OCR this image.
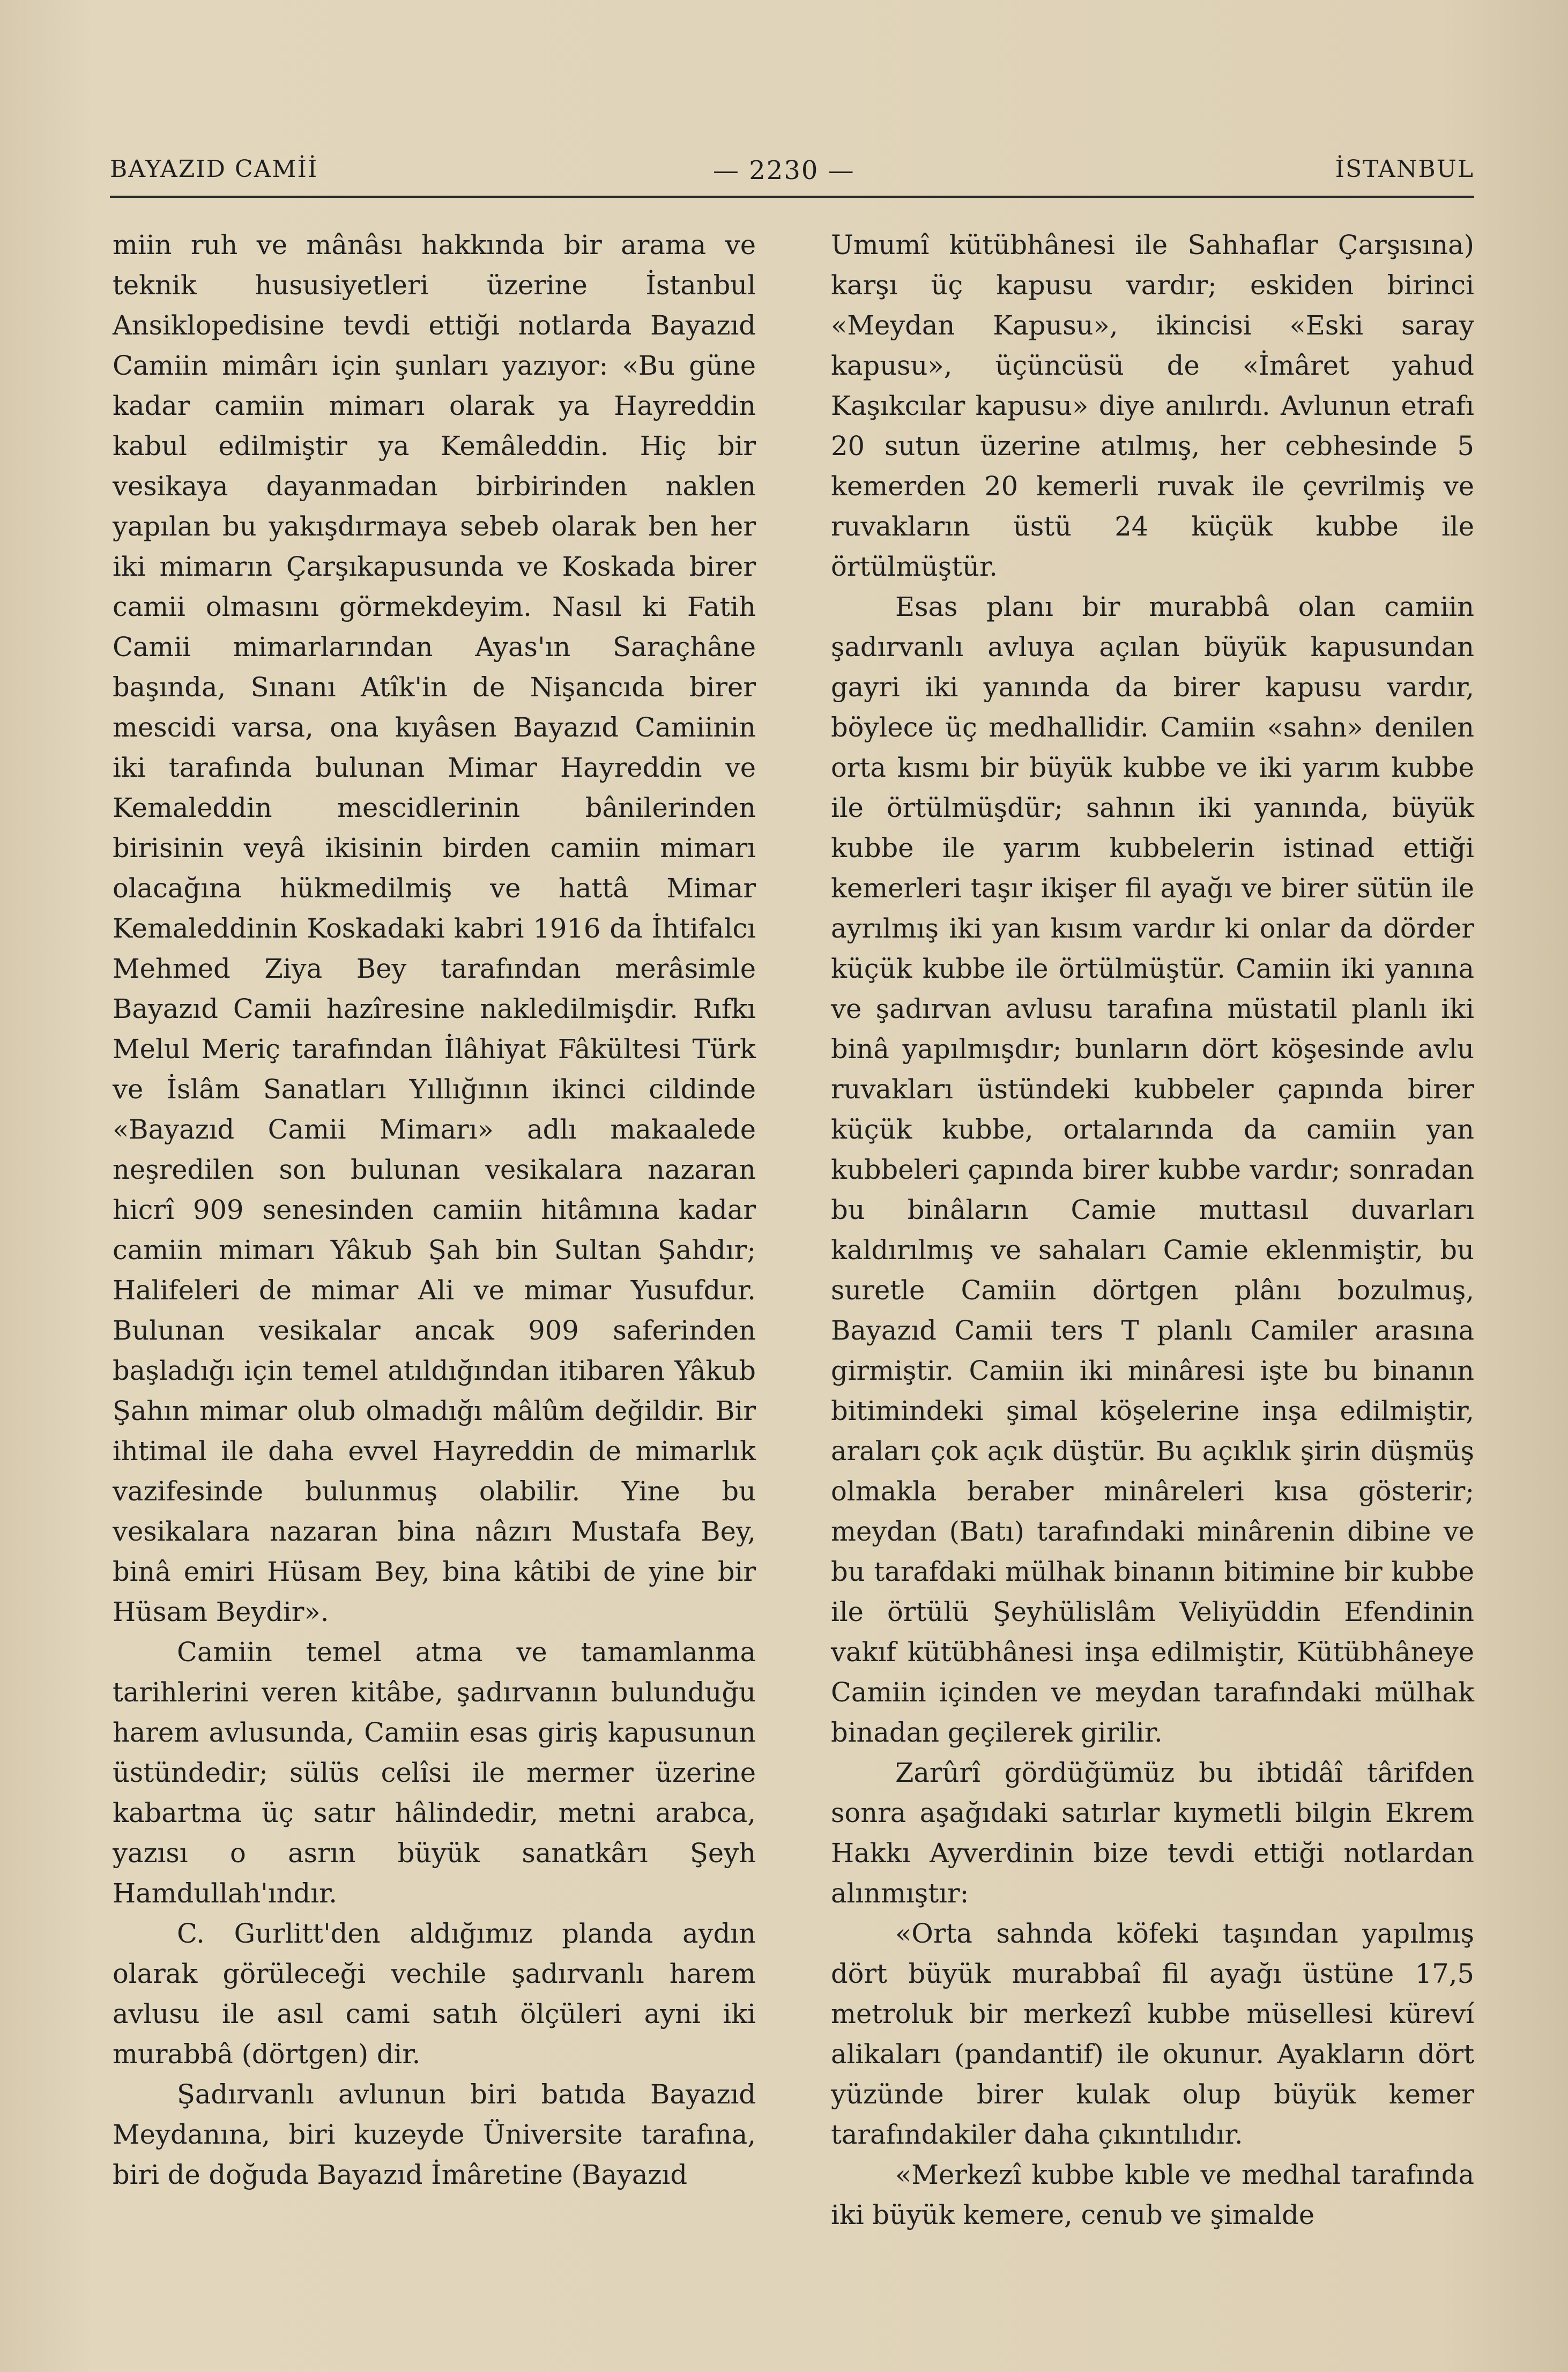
BAYAZID CAMİİ	— 2230 —	İSTANBUL

miin ruh ve mânâsı hakkında bir arama ve teknik hususiyetleri üzerine İstanbul Ansiklopedisine tevdi ettiği notlarda Bayazıd Camiin mimârı için şunları yazıyor: «Bu güne kadar camiin mimarı olarak ya Hayreddin kabul edilmiştir ya Kemâleddin. Hiç bir vesikaya dayanmadan birbirinden naklen yapılan bu yakışdırmaya sebeb olarak ben her iki mimarın Çarşıkapusunda ve Koskada birer camii olmasını görmekdeyim. Nasıl ki Fatih Camii mimarlarından Ayas'ın Saraçhâne başında, Sınanı Atîk'in de Nişancıda birer mescidi varsa, ona kıyâsen Bayazıd Camiinin iki tarafında bulunan Mimar Hayreddin ve Kemaleddin mescidlerinin bânilerinden birisinin veyâ ikisinin birden camiin mimarı olacağına hükmedilmiş ve hattâ Mimar Kemaleddinin Koskadaki kabri 1916 da İhtifalcı Mehmed Ziya Bey tarafından merâsimle Bayazıd Camii hazîresine nakledilmişdir. Rıfkı Melul Meriç tarafından İlâhiyat Fâkültesi Türk ve İslâm Sanatları Yıllığının ikinci cildinde «Bayazıd Camii Mimarı» adlı makaalede neşredilen son bulunan vesikalara nazaran hicrî 909 senesinden camiin hitâmına kadar camiin mimarı Yâkub Şah bin Sultan Şahdır; Halifeleri de mimar Ali ve mimar Yusufdur. Bulunan vesikalar ancak 909 saferinden başladığı için temel atıldığından itibaren Yâkub Şahın mimar olub olmadığı mâlûm değildir. Bir ihtimal ile daha evvel Hayreddin de mimarlık vazifesinde bulunmuş olabilir. Yine bu vesikalara nazaran bina nâzırı Mustafa Bey, binâ emiri Hüsam Bey, bina kâtibi de yine bir Hüsam Beydir».

Camiin temel atma ve tamamlanma tarihlerini veren kitâbe, şadırvanın bulunduğu harem avlusunda, Camiin esas giriş kapusunun üstündedir; sülüs celîsi ile mermer üzerine kabartma üç satır hâlindedir, metni arabca, yazısı o asrın büyük sanatkârı Şeyh Hamdullah'ındır.

C. Gurlitt'den aldığımız planda aydın olarak görüleceği vechile şadırvanlı harem avlusu ile asıl cami satıh ölçüleri ayni iki murabbâ (dörtgen) dir.

Şadırvanlı avlunun biri batıda Bayazıd Meydanına, biri kuzeyde Üniversite tarafına, biri de doğuda Bayazıd İmâretine (Bayazıd

Umumî kütübhânesi ile Sahhaflar Çarşısına) karşı üç kapusu vardır; eskiden birinci «Meydan Kapusu», ikincisi «Eski saray kapusu», üçüncüsü de «İmâret yahud Kaşıkcılar kapusu» diye anılırdı. Avlunun etrafı 20 sutun üzerine atılmış, her cebhesinde 5 kemerden 20 kemerli ruvak ile çevrilmiş ve ruvakların üstü 24 küçük kubbe ile örtülmüştür.

Esas planı bir murabbâ olan camiin şadırvanlı avluya açılan büyük kapusundan gayri iki yanında da birer kapusu vardır, böylece üç medhallidir. Camiin «sahn» denilen orta kısmı bir büyük kubbe ve iki yarım kubbe ile örtülmüşdür; sahnın iki yanında, büyük kubbe ile yarım kubbelerin istinad ettiği kemerleri taşır ikişer fil ayağı ve birer sütün ile ayrılmış iki yan kısım vardır ki onlar da dörder küçük kubbe ile örtülmüştür. Camiin iki yanına ve şadırvan avlusu tarafına müstatil planlı iki binâ yapılmışdır; bunların dört köşesinde avlu ruvakları üstündeki kubbeler çapında birer küçük kubbe, ortalarında da camiin yan kubbeleri çapında birer kubbe vardır; sonradan bu binâların Camie muttasıl duvarları kaldırılmış ve sahaları Camie eklenmiştir, bu suretle Camiin dörtgen plânı bozulmuş, Bayazıd Camii ters T planlı Camiler arasına girmiştir. Camiin iki minâresi işte bu binanın bitimindeki şimal köşelerine inşa edilmiştir, araları çok açık düştür. Bu açıklık şirin düşmüş olmakla beraber minâreleri kısa gösterir; meydan (Batı) tarafındaki minârenin dibine ve bu tarafdaki mülhak binanın bitimine bir kubbe ile örtülü Şeyhülislâm Veliyüddin Efendinin vakıf kütübhânesi inşa edilmiştir, Kütübhâneye Camiin içinden ve meydan tarafındaki mülhak binadan geçilerek girilir.

Zarûrî gördüğümüz bu ibtidâî târifden sonra aşağıdaki satırlar kıymetli bilgin Ekrem Hakkı Ayverdinin bize tevdi ettiği notlardan alınmıştır:

«Orta sahnda köfeki taşından yapılmış dört büyük murabbaî fil ayağı üstüne 17,5 metroluk bir merkezî kubbe müsellesi küreví alikaları (pandantif) ile okunur. Ayakların dört yüzünde birer kulak olup büyük kemer tarafındakiler daha çıkıntılıdır.

«Merkezî kubbe kıble ve medhal tarafında iki büyük kemere, cenub ve şimalde
